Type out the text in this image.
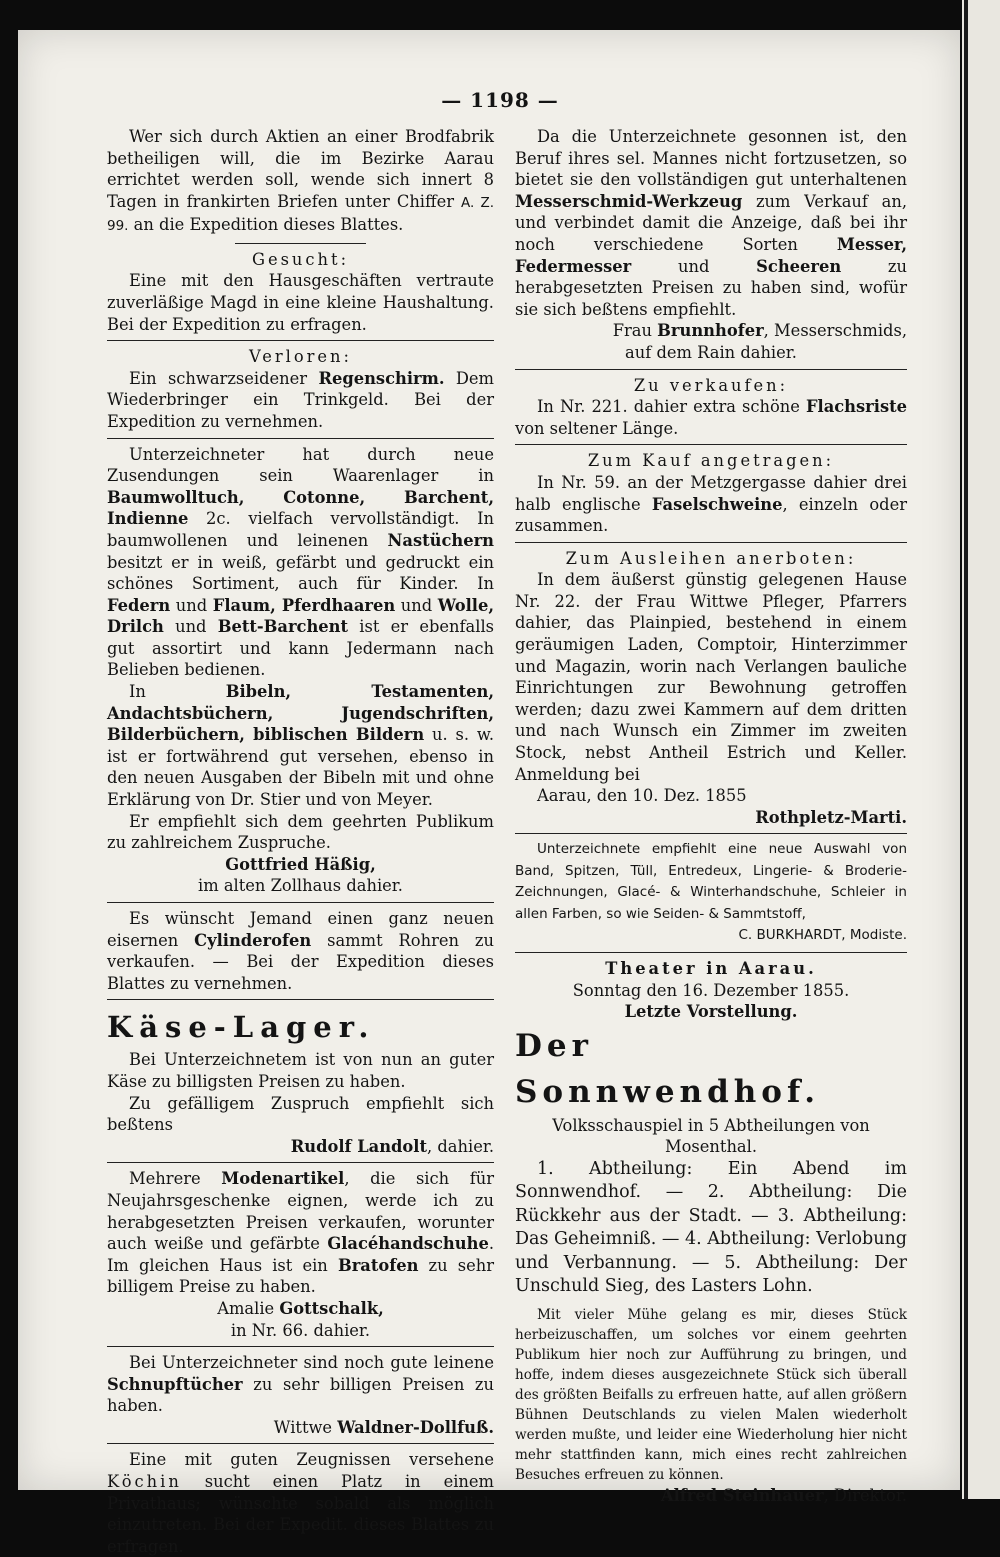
— 1198 —

Wer sich durch Aktien an einer Brodfabrik betheiligen will, die im Bezirke Aarau errichtet werden soll, wende sich innert 8 Tagen in frankirten Briefen unter Chiffer A. Z. 99. an die Expedition dieses Blattes.

Gesucht:

Eine mit den Hausgeschäften vertraute zuverläßige Magd in eine kleine Haushaltung. Bei der Expedition zu erfragen.

Verloren:

Ein schwarzseidener Regenschirm. Dem Wiederbringer ein Trinkgeld. Bei der Expedition zu vernehmen.

Unterzeichneter hat durch neue Zusendungen sein Waarenlager in Baumwolltuch, Cotonne, Barchent, Indienne 2c. vielfach vervollständigt. In baumwollenen und leinenen Nastüchern besitzt er in weiß, gefärbt und gedruckt ein schönes Sortiment, auch für Kinder. In Federn und Flaum, Pferdhaaren und Wolle, Drilch und Bett-Barchent ist er ebenfalls gut assortirt und kann Jedermann nach Belieben bedienen.

In Bibeln, Testamenten, Andachtsbüchern, Jugendschriften, Bilderbüchern, biblischen Bildern u. s. w. ist er fortwährend gut versehen, ebenso in den neuen Ausgaben der Bibeln mit und ohne Erklärung von Dr. Stier und von Meyer.

Er empfiehlt sich dem geehrten Publikum zu zahlreichem Zuspruche.

Gottfried Häßig,

im alten Zollhaus dahier.

Es wünscht Jemand einen ganz neuen eisernen Cylinderofen sammt Rohren zu verkaufen. — Bei der Expedition dieses Blattes zu vernehmen.

Käse-Lager.

Bei Unterzeichnetem ist von nun an guter Käse zu billigsten Preisen zu haben.

Zu gefälligem Zuspruch empfiehlt sich beßtens

Rudolf Landolt, dahier.

Mehrere Modenartikel, die sich für Neujahrsgeschenke eignen, werde ich zu herabgesetzten Preisen verkaufen, worunter auch weiße und gefärbte Glacéhandschuhe. Im gleichen Haus ist ein Bratofen zu sehr billigem Preise zu haben.

Amalie Gottschalk,

in Nr. 66. dahier.

Bei Unterzeichneter sind noch gute leinene Schnupftücher zu sehr billigen Preisen zu haben.

Wittwe Waldner-Dollfuß.

Eine mit guten Zeugnissen versehene Köchin sucht einen Platz in einem Privathaus; wünschte sobald als möglich einzutreten. Bei der Expedit. dieses Blattes zu erfragen.

Da die Unterzeichnete gesonnen ist, den Beruf ihres sel. Mannes nicht fortzusetzen, so bietet sie den vollständigen gut unterhaltenen Messerschmid-Werkzeug zum Verkauf an, und verbindet damit die Anzeige, daß bei ihr noch verschiedene Sorten Messer, Federmesser und Scheeren zu herabgesetzten Preisen zu haben sind, wofür sie sich beßtens empfiehlt.

Frau Brunnhofer, Messerschmids,

auf dem Rain dahier.

Zu verkaufen:

In Nr. 221. dahier extra schöne Flachsriste von seltener Länge.

Zum Kauf angetragen:

In Nr. 59. an der Metzgergasse dahier drei halb englische Faselschweine, einzeln oder zusammen.

Zum Ausleihen anerboten:

In dem äußerst günstig gelegenen Hause Nr. 22. der Frau Wittwe Pfleger, Pfarrers dahier, das Plainpied, bestehend in einem geräumigen Laden, Comptoir, Hinterzimmer und Magazin, worin nach Verlangen bauliche Einrichtungen zur Bewohnung getroffen werden; dazu zwei Kammern auf dem dritten und nach Wunsch ein Zimmer im zweiten Stock, nebst Antheil Estrich und Keller. Anmeldung bei

Aarau, den 10. Dez. 1855

Rothpletz-Marti.

Unterzeichnete empfiehlt eine neue Auswahl von Band, Spitzen, Tüll, Entredeux, Lingerie- & Broderie-Zeichnungen, Glacé- & Winterhandschuhe, Schleier in allen Farben, so wie Seiden- & Sammtstoff,

C. BURKHARDT, Modiste.

Theater in Aarau.

Sonntag den 16. Dezember 1855.

Letzte Vorstellung.

Der Sonnwendhof.

Volksschauspiel in 5 Abtheilungen von Mosenthal.

1. Abtheilung: Ein Abend im Sonnwendhof. — 2. Abtheilung: Die Rückkehr aus der Stadt. — 3. Abtheilung: Das Geheimniß. — 4. Abtheilung: Verlobung und Verbannung. — 5. Abtheilung: Der Unschuld Sieg, des Lasters Lohn.

Mit vieler Mühe gelang es mir, dieses Stück herbeizuschaffen, um solches vor einem geehrten Publikum hier noch zur Aufführung zu bringen, und hoffe, indem dieses ausgezeichnete Stück sich überall des größten Beifalls zu erfreuen hatte, auf allen größern Bühnen Deutschlands zu vielen Malen wiederholt werden mußte, und leider eine Wiederholung hier nicht mehr stattfinden kann, mich eines recht zahlreichen Besuches erfreuen zu können.

Alfred Steinhauer, Direktor.
